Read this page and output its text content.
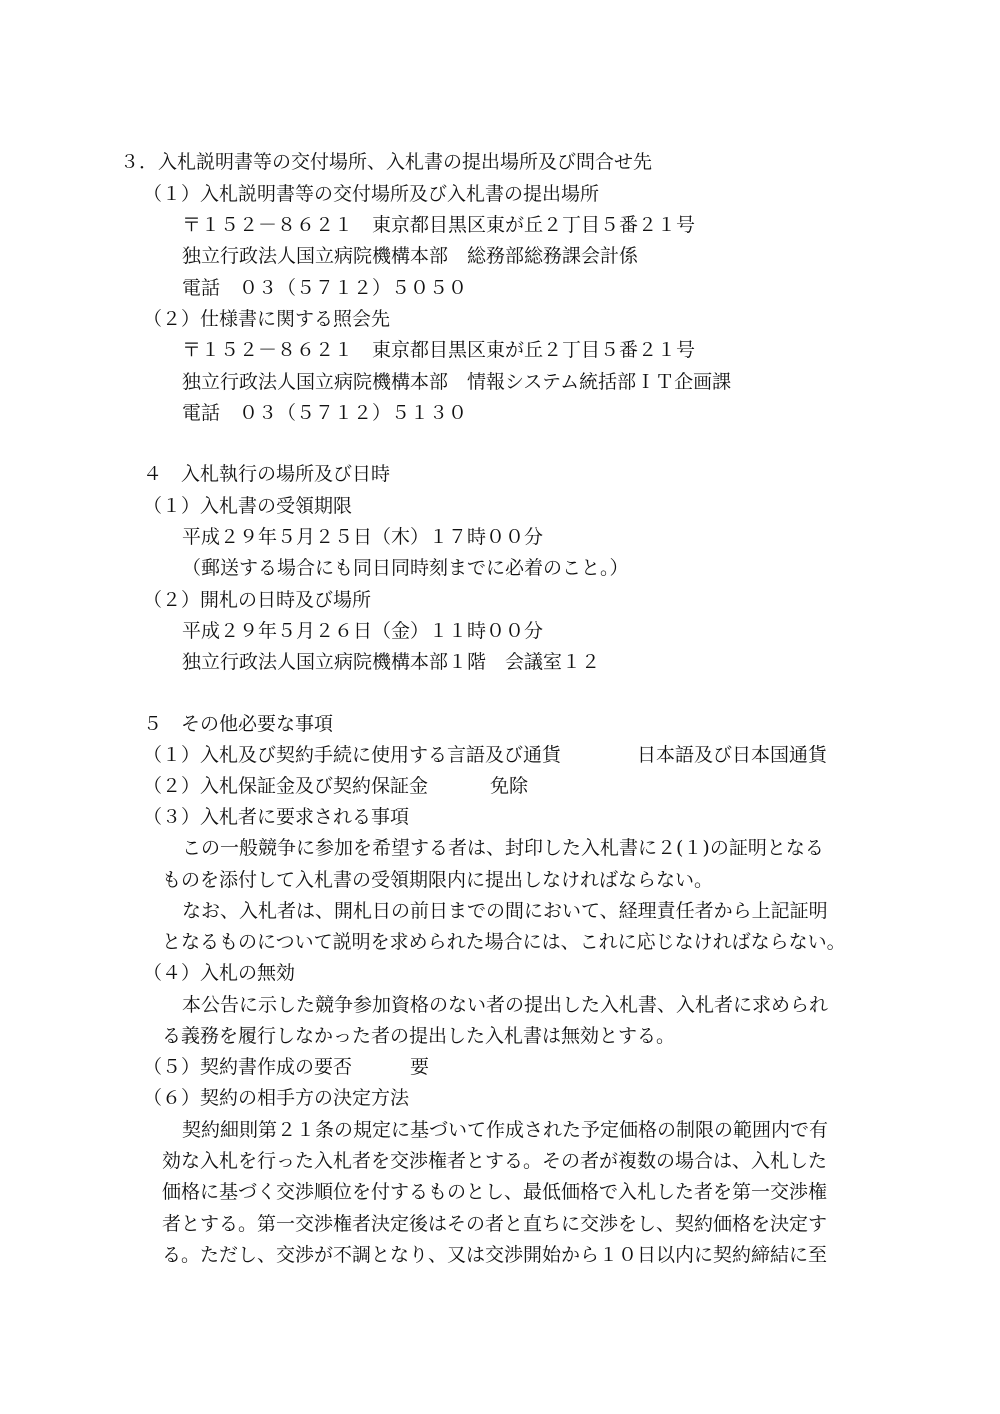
３．入札説明書等の交付場所、入札書の提出場所及び問合せ先
（１）入札説明書等の交付場所及び入札書の提出場所
〒１５２－８６２１　東京都目黒区東が丘２丁目５番２１号
独立行政法人国立病院機構本部　総務部総務課会計係
電話　０３（５７１２）５０５０
（２）仕様書に関する照会先
〒１５２－８６２１　東京都目黒区東が丘２丁目５番２１号
独立行政法人国立病院機構本部　情報システム統括部ＩＴ企画課
電話　０３（５７１２）５１３０
４　入札執行の場所及び日時
（１）入札書の受領期限
平成２９年５月２５日（木）１７時００分
（郵送する場合にも同日同時刻までに必着のこと。）
（２）開札の日時及び場所
平成２９年５月２６日（金）１１時００分
独立行政法人国立病院機構本部１階　会議室１２
５　その他必要な事項
（１）入札及び契約手続に使用する言語及び通貨	日本語及び日本国通貨
（２）入札保証金及び契約保証金	免除
（３）入札者に要求される事項
この一般競争に参加を希望する者は、封印した入札書に２(１)の証明となる
ものを添付して入札書の受領期限内に提出しなければならない。
なお、入札者は、開札日の前日までの間において、経理責任者から上記証明
となるものについて説明を求められた場合には、これに応じなければならない。
（４）入札の無効
本公告に示した競争参加資格のない者の提出した入札書、入札者に求められ
る義務を履行しなかった者の提出した入札書は無効とする。
（５）契約書作成の要否	要
（６）契約の相手方の決定方法
契約細則第２１条の規定に基づいて作成された予定価格の制限の範囲内で有
効な入札を行った入札者を交渉権者とする。その者が複数の場合は、入札した
価格に基づく交渉順位を付するものとし、最低価格で入札した者を第一交渉権
者とする。第一交渉権者決定後はその者と直ちに交渉をし、契約価格を決定す
る。ただし、交渉が不調となり、又は交渉開始から１０日以内に契約締結に至
